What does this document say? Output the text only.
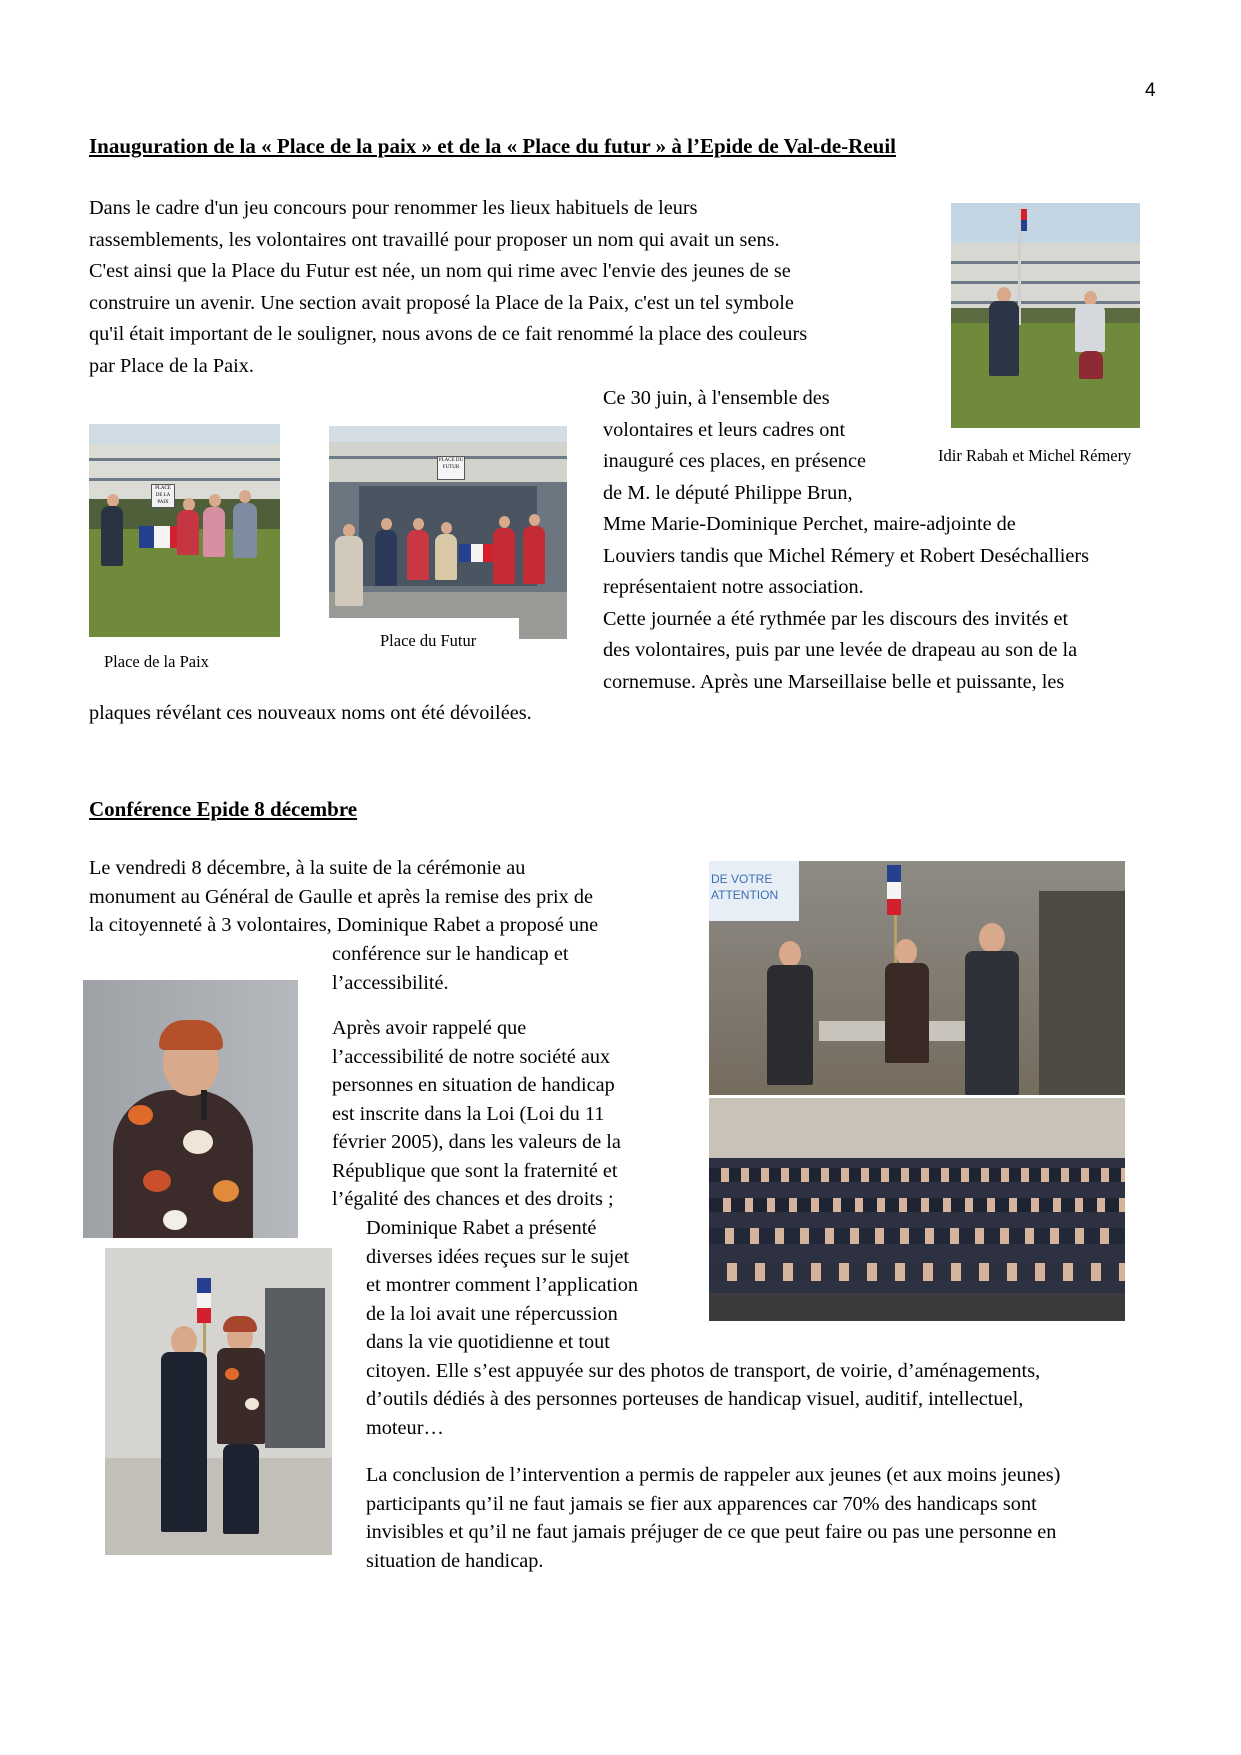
4
Inauguration de la « Place de la paix » et de la « Place du futur » à l’Epide de Val-de-Reuil
Dans le cadre d'un jeu concours pour renommer les lieux habituels de leurs
rassemblements, les volontaires ont travaillé pour proposer un nom qui avait un sens.
C'est ainsi que la Place du Futur est née, un nom qui rime avec l'envie des jeunes de se
construire un avenir. Une section avait proposé la Place de la Paix, c'est un tel symbole
qu'il était important de le souligner, nous avons de ce fait renommé la place des couleurs
par Place de la Paix.
Idir Rabah et Michel Rémery
PLACE DE LA PAIX
Place de la Paix
PLACE DU FUTUR
Place du Futur
Ce 30 juin, à l'ensemble des
volontaires et leurs cadres ont
inauguré ces places, en présence
de M. le député Philippe Brun,
Mme Marie-Dominique Perchet, maire-adjointe de
Louviers tandis que Michel Rémery et Robert Deséchalliers
représentaient notre association.
Cette journée a été rythmée par les discours des invités et
des volontaires, puis par une levée de drapeau au son de la
cornemuse. Après une Marseillaise belle et puissante, les
plaques révélant ces nouveaux noms ont été dévoilées.
Conférence Epide 8 décembre
Le vendredi 8 décembre, à la suite de la cérémonie au
monument au Général de Gaulle et après la remise des prix de
la citoyenneté à 3 volontaires, Dominique Rabet a proposé une
conférence sur le handicap et
l’accessibilité.
Après avoir rappelé que
l’accessibilité de notre société aux
personnes en situation de handicap
est inscrite dans la Loi (Loi du 11
février 2005), dans les valeurs de la
République que sont la fraternité et
l’égalité des chances et des droits ;
Dominique Rabet a présenté
diverses idées reçues sur le sujet
et montrer comment l’application
de la loi avait une répercussion
dans la vie quotidienne et tout
citoyen. Elle s’est appuyée sur des photos de transport, de voirie, d’aménagements,
d’outils dédiés à des personnes porteuses de handicap visuel, auditif, intellectuel,
moteur…
La conclusion de l’intervention a permis de rappeler aux jeunes (et aux moins jeunes)
participants qu’il ne faut jamais se fier aux apparences car 70% des handicaps sont
invisibles et qu’il ne faut jamais préjuger de ce que peut faire ou pas une personne en
situation de handicap.
DE VOTRE ATTENTION
